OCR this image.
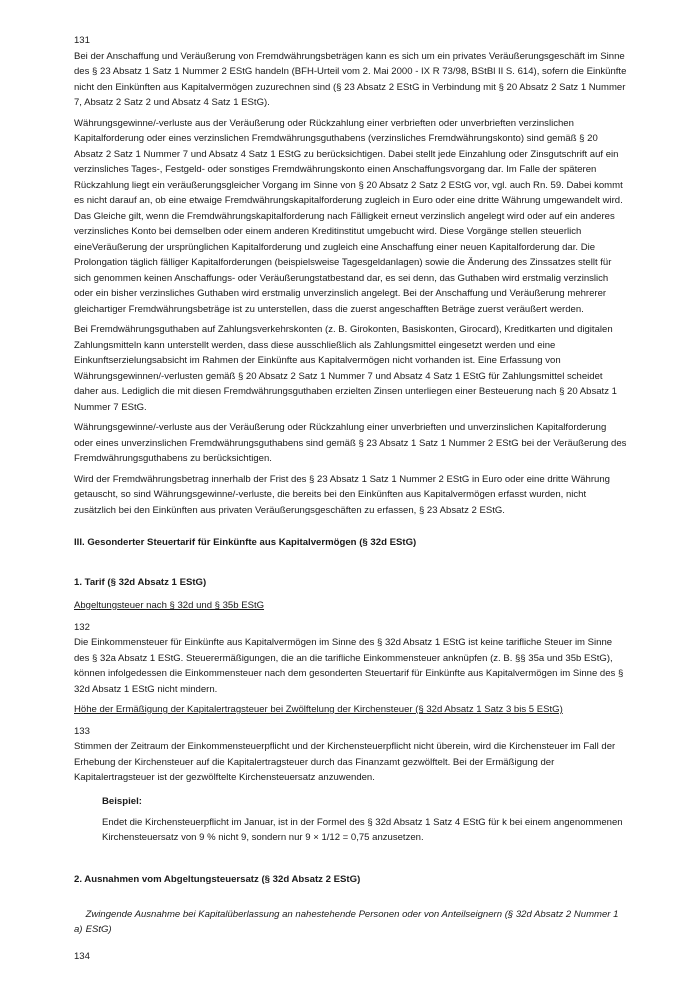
131

Bei der Anschaffung und Veräußerung von Fremdwährungsbeträgen kann es sich um ein privates Veräußerungsgeschäft im Sinne des § 23 Absatz 1 Satz 1 Nummer 2 EStG handeln (BFH-Urteil vom 2. Mai 2000 - IX R 73/98, BStBl II S. 614), sofern die Einkünfte nicht den Einkünften aus Kapitalvermögen zuzurechnen sind (§ 23 Absatz 2 EStG in Verbindung mit § 20 Absatz 2 Satz 1 Nummer 7, Absatz 2 Satz 2 und Absatz 4 Satz 1 EStG).

Währungsgewinne/-verluste aus der Veräußerung oder Rückzahlung einer verbrieften oder unverbrieften verzinslichen Kapitalforderung oder eines verzinslichen Fremdwährungsguthabens (verzinsliches Fremdwährungskonto) sind gemäß § 20 Absatz 2 Satz 1 Nummer 7 und Absatz 4 Satz 1 EStG zu berücksichtigen. Dabei stellt jede Einzahlung oder Zinsgutschrift auf ein verzinsliches Tages-, Festgeld- oder sonstiges Fremdwährungskonto einen Anschaffungsvorgang dar. Im Falle der späteren Rückzahlung liegt ein veräußerungsgleicher Vorgang im Sinne von § 20 Absatz 2 Satz 2 EStG vor, vgl. auch Rn. 59. Dabei kommt es nicht darauf an, ob eine etwaige Fremdwährungskapitalforderung zugleich in Euro oder eine dritte Währung umgewandelt wird. Das Gleiche gilt, wenn die Fremdwährungskapitalforderung nach Fälligkeit erneut verzinslich angelegt wird oder auf ein anderes verzinsliches Konto bei demselben oder einem anderen Kreditinstitut umgebucht wird. Diese Vorgänge stellen steuerlich eineVeräußerung der ursprünglichen Kapitalforderung und zugleich eine Anschaffung einer neuen Kapitalforderung dar. Die Prolongation täglich fälliger Kapitalforderungen (beispielsweise Tagesgeldanlagen) sowie die Änderung des Zinssatzes stellt für sich genommen keinen Anschaffungs- oder Veräußerungstatbestand dar, es sei denn, das Guthaben wird erstmalig verzinslich oder ein bisher verzinsliches Guthaben wird erstmalig unverzinslich angelegt. Bei der Anschaffung und Veräußerung mehrerer gleichartiger Fremdwährungsbeträge ist zu unterstellen, dass die zuerst angeschafften Beträge zuerst veräußert werden.

Bei Fremdwährungsguthaben auf Zahlungsverkehrskonten (z. B. Girokonten, Basiskonten, Girocard), Kreditkarten und digitalen Zahlungsmitteln kann unterstellt werden, dass diese ausschließlich als Zahlungsmittel eingesetzt werden und eine Einkunftserzielungsabsicht im Rahmen der Einkünfte aus Kapitalvermögen nicht vorhanden ist. Eine Erfassung von Währungsgewinnen/-verlusten gemäß § 20 Absatz 2 Satz 1 Nummer 7 und Absatz 4 Satz 1 EStG für Zahlungsmittel scheidet daher aus. Lediglich die mit diesen Fremdwährungsguthaben erzielten Zinsen unterliegen einer Besteuerung nach § 20 Absatz 1 Nummer 7 EStG.

Währungsgewinne/-verluste aus der Veräußerung oder Rückzahlung einer unverbrieften und unverzinslichen Kapitalforderung oder eines unverzinslichen Fremdwährungsguthabens sind gemäß § 23 Absatz 1 Satz 1 Nummer 2 EStG bei der Veräußerung des Fremdwährungsguthabens zu berücksichtigen.

Wird der Fremdwährungsbetrag innerhalb der Frist des § 23 Absatz 1 Satz 1 Nummer 2 EStG in Euro oder eine dritte Währung getauscht, so sind Währungsgewinne/-verluste, die bereits bei den Einkünften aus Kapitalvermögen erfasst wurden, nicht zusätzlich bei den Einkünften aus privaten Veräußerungsgeschäften zu erfassen, § 23 Absatz 2 EStG.

III. Gesonderter Steuertarif für Einkünfte aus Kapitalvermögen (§ 32d EStG)

1. Tarif (§ 32d Absatz 1 EStG)

Abgeltungsteuer nach § 32d und § 35b EStG

132

Die Einkommensteuer für Einkünfte aus Kapitalvermögen im Sinne des § 32d Absatz 1 EStG ist keine tarifliche Steuer im Sinne des § 32a Absatz 1 EStG. Steuerermäßigungen, die an die tarifliche Einkommensteuer anknüpfen (z. B. §§ 35a und 35b EStG), können infolgedessen die Einkommensteuer nach dem gesonderten Steuertarif für Einkünfte aus Kapitalvermögen im Sinne des § 32d Absatz 1 EStG nicht mindern.

Höhe der Ermäßigung der Kapitalertragsteuer bei Zwölftelung der Kirchensteuer (§ 32d Absatz 1 Satz 3 bis 5 EStG)

133

Stimmen der Zeitraum der Einkommensteuerpflicht und der Kirchensteuerpflicht nicht überein, wird die Kirchensteuer im Fall der Erhebung der Kirchensteuer auf die Kapitalertragsteuer durch das Finanzamt gezwölftelt. Bei der Ermäßigung der Kapitalertragsteuer ist der gezwölftelte Kirchensteuersatz anzuwenden.

Beispiel:

Endet die Kirchensteuerpflicht im Januar, ist in der Formel des § 32d Absatz 1 Satz 4 EStG für k bei einem angenommenen Kirchensteuersatz von 9 % nicht 9, sondern nur 9 × 1/12 = 0,75 anzusetzen.

2. Ausnahmen vom Abgeltungsteuersatz (§ 32d Absatz 2 EStG)

a)
Zwingende Ausnahme bei Kapitalüberlassung an nahestehende Personen oder von Anteilseignern (§ 32d Absatz 2 Nummer 1 EStG)

134
